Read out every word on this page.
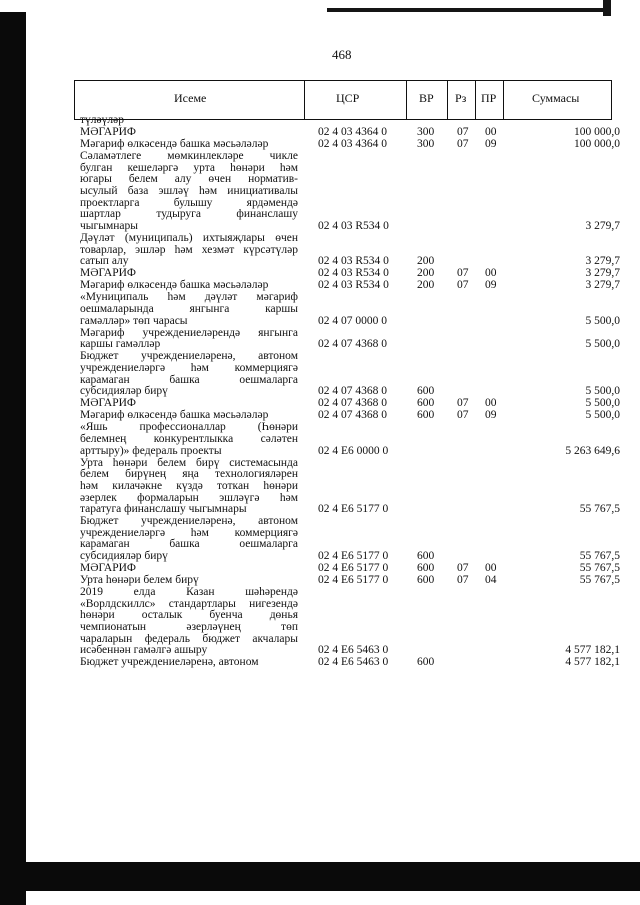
468
Исеме	ЦСР	ВР Рз ПР	Суммасы
түләүләр
МӘГАРИФ	02 4 03 4364 0	300 07 00	100 000,0
Мәгариф өлкәсендә башка мәсьәләләр	02 4 03 4364 0	300 07 09	100 000,0
Сәламәтлеге мөмкинлекләре чикле
булган кешеләргә урта һөнәри һәм
югары белем алу өчен норматив-
ысулый база эшләү һәм инициативалы
проектларга булышу ярдәмендә
шартлар тудыруга финанслашу
чыгымнары	02 4 03 R534 0	3 279,7
Дәүләт (муниципаль) ихтыяҗлары өчен
товарлар, эшләр һәм хезмәт күрсәтүләр
сатып алу	02 4 03 R534 0 200	3 279,7
МӘГАРИФ	02 4 03 R534 0 200 07 00	3 279,7
Мәгариф өлкәсендә башка мәсьәләләр	02 4 03 R534 0 200 07 09	3 279,7
«Муниципаль һәм дәүләт мәгариф
оешмаларында янгынга каршы
гамәлләр» төп чарасы	02 4 07 0000 0	5 500,0
Мәгариф учреждениеләрендә янгынга
каршы гамәлләр	02 4 07 4368 0	5 500,0
Бюджет учреждениеләренә, автоном
учреждениеләргә һәм коммерциягә
карамаган башка оешмаларга
субсидияләр бирү	02 4 07 4368 0	600	5 500,0
МӘГАРИФ	02 4 07 4368 0	600 07 00	5 500,0
Мәгариф өлкәсендә башка мәсьәләләр	02 4 07 4368 0	600 07 09	5 500,0
«Яшь профессионаллар (Һөнәри
белемнең конкурентлыкка сәләтен
арттыру)» федераль проекты	02 4 E6 0000 0	5 263 649,6
Урта һөнәри белем бирү системасында
белем бирүнең яңа технологияләрен
һәм килачәкне күздә тоткан һөнәри
әзерлек формаларын эшләүгә һәм
таратуга финанслашу чыгымнары	02 4 E6 5177 0	55 767,5
Бюджет учреждениеләренә, автоном
учреждениеләргә һәм коммерциягә
карамаган башка оешмаларга
субсидияләр бирү	02 4 E6 5177 0 600	55 767,5
МӘГАРИФ	02 4 E6 5177 0 600 07 00	55 767,5
Урта һөнәри белем бирү	02 4 E6 5177 0 600 07 04	55 767,5
2019 елда Казан шәһәрендә
«Ворлдскиллс» стандартлары нигезендә
һөнәри осталык буенча дөнья
чемпионатын әзерләүнең төп
чараларын федераль бюджет акчалары
исәбеннән гамәлгә ашыру	02 4 E6 5463 0	4 577 182,1
Бюджет учреждениеләренә, автоном	02 4 E6 5463 0 600	4 577 182,1
